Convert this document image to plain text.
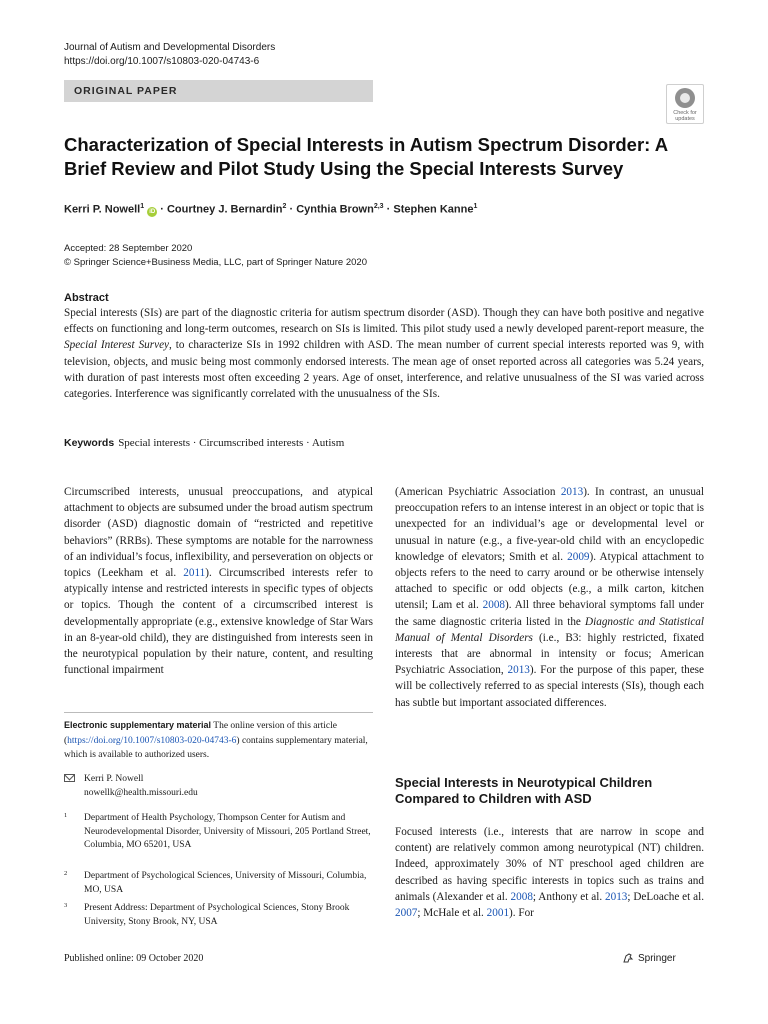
Journal of Autism and Developmental Disorders
https://doi.org/10.1007/s10803-020-04743-6
ORIGINAL PAPER
Check for updates
Characterization of Special Interests in Autism Spectrum Disorder: A Brief Review and Pilot Study Using the Special Interests Survey
Kerri P. Nowell$^1$ iD · Courtney J. Bernardin$^2$ · Cynthia Brown$^{2,3}$ · Stephen Kanne$^1$
Accepted: 28 September 2020
© Springer Science+Business Media, LLC, part of Springer Nature 2020
Abstract
Special interests (SIs) are part of the diagnostic criteria for autism spectrum disorder (ASD). Though they can have both positive and negative effects on functioning and long-term outcomes, research on SIs is limited. This pilot study used a newly developed parent-report measure, the Special Interest Survey, to characterize SIs in 1992 children with ASD. The mean number of current special interests reported was 9, with television, objects, and music being most commonly endorsed interests. The mean age of onset reported across all categories was 5.24 years, with duration of past interests most often exceeding 2 years. Age of onset, interference, and relative unusualness of the SI was varied across categories. Interference was significantly correlated with the unusualness of the SIs.
Keywords Special interests · Circumscribed interests · Autism
Circumscribed interests, unusual preoccupations, and atypical attachment to objects are subsumed under the broad autism spectrum disorder (ASD) diagnostic domain of “restricted and repetitive behaviors” (RRBs). These symptoms are notable for the narrowness of an individual’s focus, inflexibility, and perseveration on objects or topics (Leekham et al. 2011). Circumscribed interests refer to atypically intense and restricted interests in specific types of objects or topics. Though the content of a circumscribed interest is developmentally appropriate (e.g., extensive knowledge of Star Wars in an 8-year-old child), they are distinguished from interests seen in the neurotypical population by their nature, content, and resulting functional impairment
Electronic supplementary material The online version of this article (https://doi.org/10.1007/s10803-020-04743-6) contains supplementary material, which is available to authorized users.
Kerri P. Nowell
nowellk@health.missouri.edu
1 Department of Health Psychology, Thompson Center for Autism and Neurodevelopmental Disorder, University of Missouri, 205 Portland Street, Columbia, MO 65201, USA
2 Department of Psychological Sciences, University of Missouri, Columbia, MO, USA
3 Present Address: Department of Psychological Sciences, Stony Brook University, Stony Brook, NY, USA
(American Psychiatric Association 2013). In contrast, an unusual preoccupation refers to an intense interest in an object or topic that is unexpected for an individual’s age or developmental level or unusual in nature (e.g., a five-year-old child with an encyclopedic knowledge of elevators; Smith et al. 2009). Atypical attachment to objects refers to the need to carry around or be otherwise intensely attached to specific or odd objects (e.g., a milk carton, kitchen utensil; Lam et al. 2008). All three behavioral symptoms fall under the same diagnostic criteria listed in the Diagnostic and Statistical Manual of Mental Disorders (i.e., B3: highly restricted, fixated interests that are abnormal in intensity or focus; American Psychiatric Association, 2013). For the purpose of this paper, these will be collectively referred to as special interests (SIs), though each has subtle but important associated differences.
Special Interests in Neurotypical Children Compared to Children with ASD
Focused interests (i.e., interests that are narrow in scope and content) are relatively common among neurotypical (NT) children. Indeed, approximately 30% of NT preschool aged children are described as having specific interests in topics such as trains and animals (Alexander et al. 2008; Anthony et al. 2013; DeLoache et al. 2007; McHale et al. 2001). For
Published online: 09 October 2020	Springer
